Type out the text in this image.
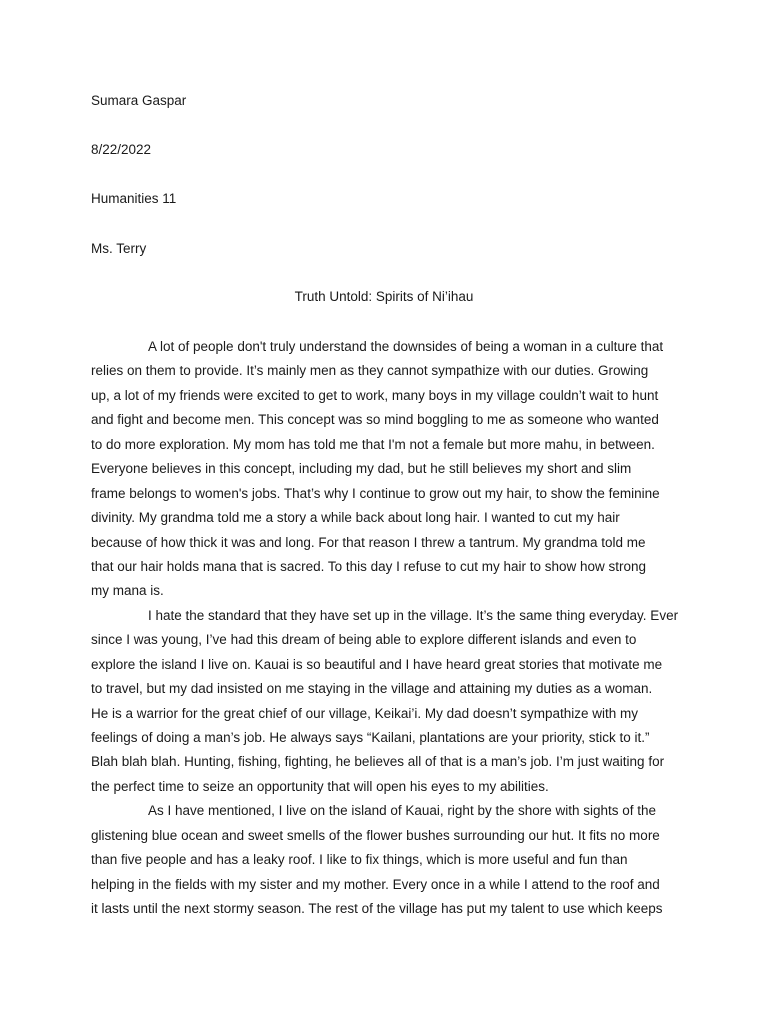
Sumara Gaspar
8/22/2022
Humanities 11
Ms. Terry
Truth Untold: Spirits of Ni’ihau
A lot of people don't truly understand the downsides of being a woman in a culture that
relies on them to provide. It’s mainly men as they cannot sympathize with our duties. Growing
up, a lot of my friends were excited to get to work, many boys in my village couldn’t wait to hunt
and fight and become men. This concept was so mind boggling to me as someone who wanted
to do more exploration. My mom has told me that I'm not a female but more mahu, in between.
Everyone believes in this concept, including my dad, but he still believes my short and slim
frame belongs to women's jobs. That’s why I continue to grow out my hair, to show the feminine
divinity. My grandma told me a story a while back about long hair. I wanted to cut my hair
because of how thick it was and long. For that reason I threw a tantrum. My grandma told me
that our hair holds mana that is sacred. To this day I refuse to cut my hair to show how strong
my mana is.
I hate the standard that they have set up in the village. It’s the same thing everyday. Ever
since I was young, I’ve had this dream of being able to explore different islands and even to
explore the island I live on. Kauai is so beautiful and I have heard great stories that motivate me
to travel, but my dad insisted on me staying in the village and attaining my duties as a woman.
He is a warrior for the great chief of our village, Keikai’i. My dad doesn’t sympathize with my
feelings of doing a man’s job. He always says “Kailani, plantations are your priority, stick to it.”
Blah blah blah. Hunting, fishing, fighting, he believes all of that is a man’s job. I’m just waiting for
the perfect time to seize an opportunity that will open his eyes to my abilities.
As I have mentioned, I live on the island of Kauai, right by the shore with sights of the
glistening blue ocean and sweet smells of the flower bushes surrounding our hut. It fits no more
than five people and has a leaky roof. I like to fix things, which is more useful and fun than
helping in the fields with my sister and my mother. Every once in a while I attend to the roof and
it lasts until the next stormy season. The rest of the village has put my talent to use which keeps
